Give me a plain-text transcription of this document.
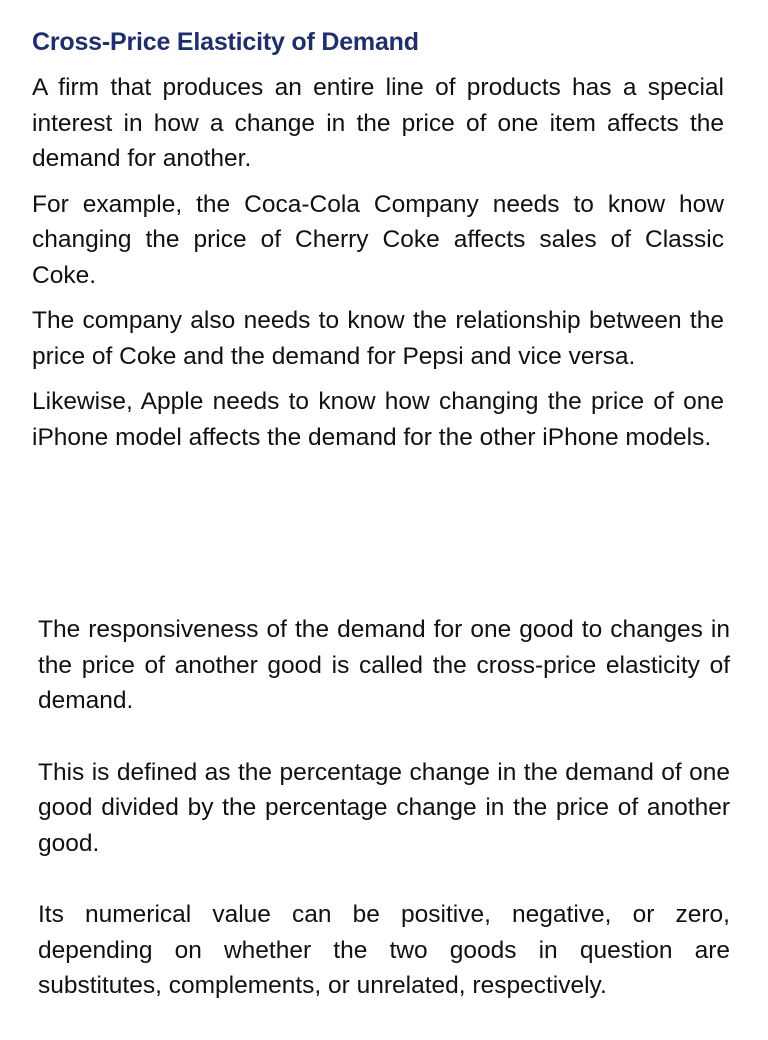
Cross-Price Elasticity of Demand

A firm that produces an entire line of products has a special interest in how a change in the price of one item affects the demand for another.

For example, the Coca-Cola Company needs to know how changing the price of Cherry Coke affects sales of Classic Coke.

The company also needs to know the relationship between the price of Coke and the demand for Pepsi and vice versa.

Likewise, Apple needs to know how changing the price of one iPhone model affects the demand for the other iPhone models.

The responsiveness of the demand for one good to changes in the price of another good is called the cross-price elasticity of demand.

This is defined as the percentage change in the demand of one good divided by the percentage change in the price of another good.

Its numerical value can be positive, negative, or zero, depending on whether the two goods in question are substitutes, complements, or unrelated, respectively.
